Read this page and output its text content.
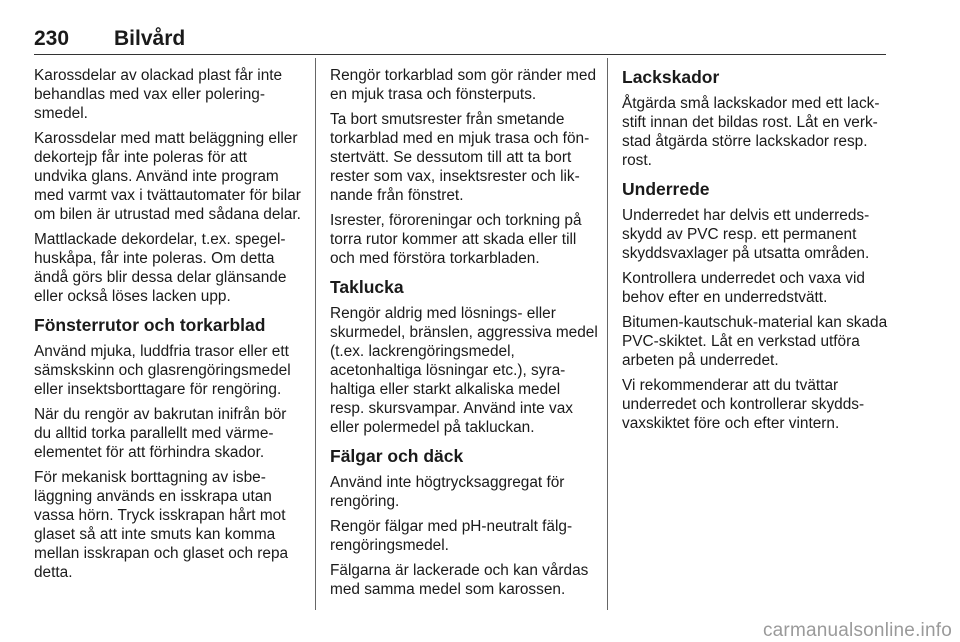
230 Bilvård

Karossdelar av olackad plast får inte behandlas med vax eller poleringsmedel.

Karossdelar med matt beläggning eller dekortejp får inte poleras för att undvika glans. Använd inte program med varmt vax i tvättautomater för bilar om bilen är utrustad med sådana delar.

Mattlackade dekordelar, t.ex. spegelhuskåpa, får inte poleras. Om detta ändå görs blir dessa delar glänsande eller också löses lacken upp.

Fönsterrutor och torkarblad

Använd mjuka, luddfria trasor eller ett sämskskinn och glasrengöringsmedel eller insektsborttagare för rengöring.

När du rengör av bakrutan inifrån bör du alltid torka parallellt med värmeelementet för att förhindra skador.

För mekanisk borttagning av isbeläggning används en isskrapa utan vassa hörn. Tryck isskrapan hårt mot glaset så att inte smuts kan komma mellan isskrapan och glaset och repa detta.

Rengör torkarblad som gör ränder med en mjuk trasa och fönsterputs.

Ta bort smutsrester från smetande torkarblad med en mjuk trasa och fönstertvätt. Se dessutom till att ta bort rester som vax, insektsrester och liknande från fönstret.

Isrester, föroreningar och torkning på torra rutor kommer att skada eller till och med förstöra torkarbladen.

Taklucka

Rengör aldrig med lösnings- eller skurmedel, bränslen, aggressiva medel (t.ex. lackrengöringsmedel, acetonhaltiga lösningar etc.), syrahaltiga eller starkt alkaliska medel resp. skursvampar. Använd inte vax eller polermedel på takluckan.

Fälgar och däck

Använd inte högtrycksaggregat för rengöring.

Rengör fälgar med pH-neutralt fälgrengöringsmedel.

Fälgarna är lackerade och kan vårdas med samma medel som karossen.

Lackskador

Åtgärda små lackskador med ett lackstift innan det bildas rost. Låt en verkstad åtgärda större lackskador resp. rost.

Underrede

Underredet har delvis ett underredsskydd av PVC resp. ett permanent skyddsvaxlager på utsatta områden.

Kontrollera underredet och vaxa vid behov efter en underredstvätt.

Bitumen-kautschuk-material kan skada PVC-skiktet. Låt en verkstad utföra arbeten på underredet.

Vi rekommenderar att du tvättar underredet och kontrollerar skyddsvaxskiktet före och efter vintern.

carmanualsonline.info
